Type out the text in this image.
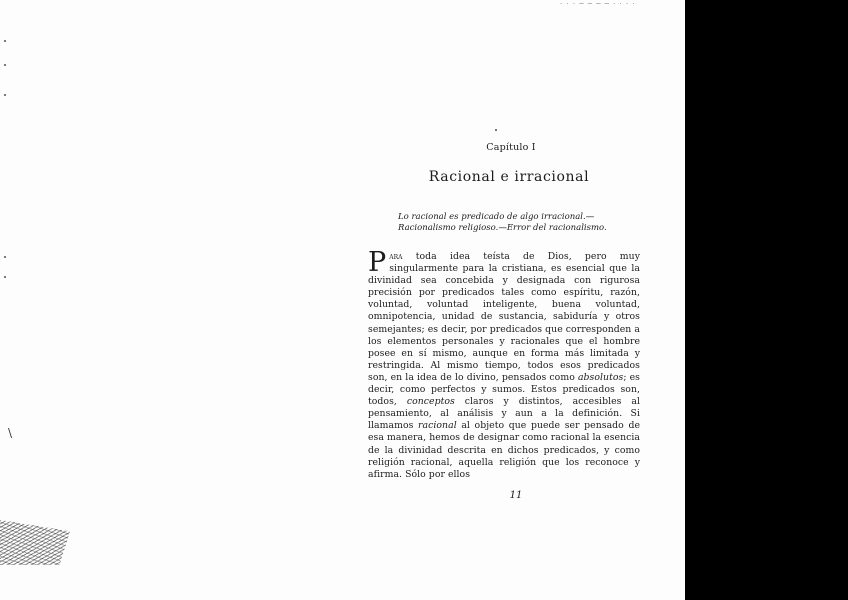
· · · ─ ─ ─ ─ · · · ·
\
Capítulo I
Racional e irracional
Lo racional es predicado de algo irracional.—
Racionalismo religioso.—Error del racionalismo.
Para toda idea teísta de Dios, pero muy singularmente para la cristiana, es esencial que la divinidad sea concebida y designada con rigurosa precisión por predicados tales como espíritu, razón, voluntad, voluntad inteligente, buena voluntad, omnipotencia, unidad de sustancia, sabiduría y otros semejantes; es decir, por predicados que corresponden a los elementos personales y racionales que el hombre posee en sí mismo, aunque en forma más limitada y restringida. Al mismo tiempo, todos esos predicados son, en la idea de lo divino, pensados como absolutos; es decir, como perfectos y sumos. Estos predicados son, todos, conceptos claros y distintos, accesibles al pensamiento, al análisis y aun a la definición. Si llamamos racional al objeto que puede ser pensado de esa manera, hemos de designar como racional la esencia de la divinidad descrita en dichos predicados, y como religión racional, aquella religión que los reconoce y afirma. Sólo por ellos
11
